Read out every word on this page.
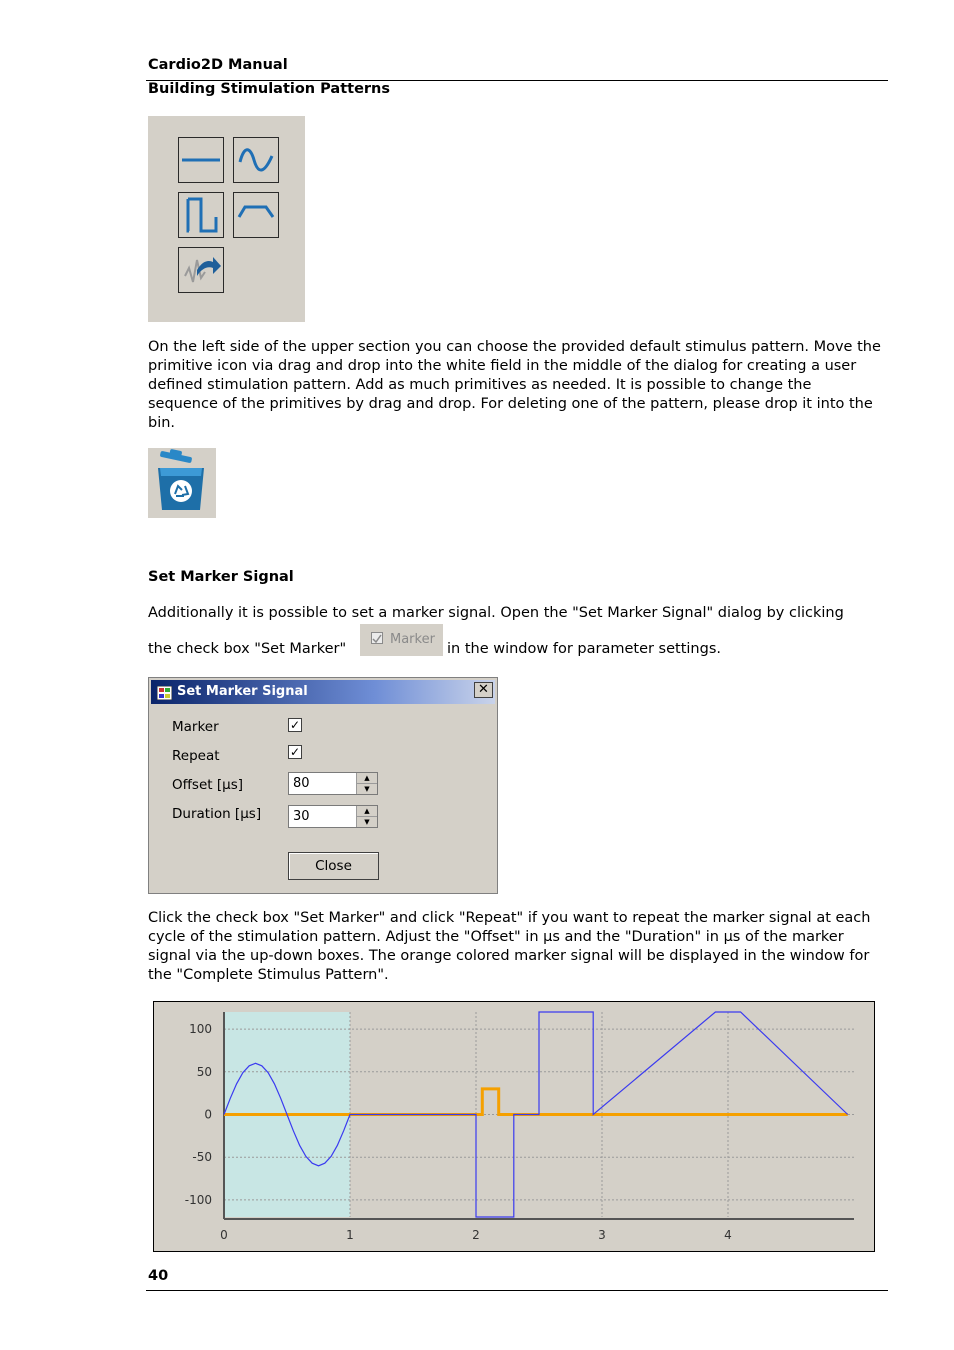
Cardio2D Manual
Building Stimulation Patterns

On the left side of the upper section you can choose the provided default stimulus pattern. Move the primitive icon via drag and drop into the white field in the middle of the dialog for creating a user defined stimulation pattern. Add as much primitives as needed. It is possible to change the sequence of the primitives by drag and drop. For deleting one of the pattern, please drop it into the bin.

Set Marker Signal
Additionally it is possible to set a marker signal. Open the "Set Marker Signal" dialog by clicking
the check box "Set Marker"
Marker
in the window for parameter settings.
Set Marker Signal	✕
Marker	✓
Repeat	✓
Offset [µs]	80	▲
▼
Duration [µs] 30	▲
▼
Close

Click the check box "Set Marker" and click "Repeat" if you want to repeat the marker signal at each cycle of the stimulation pattern. Adjust the "Offset" in µs and the "Duration" in µs of the marker signal via the up-down boxes. The orange colored marker signal will be displayed in the window for the "Complete Stimulus Pattern".

100
50
0
-50
-100
0	1	2	3	4
40
